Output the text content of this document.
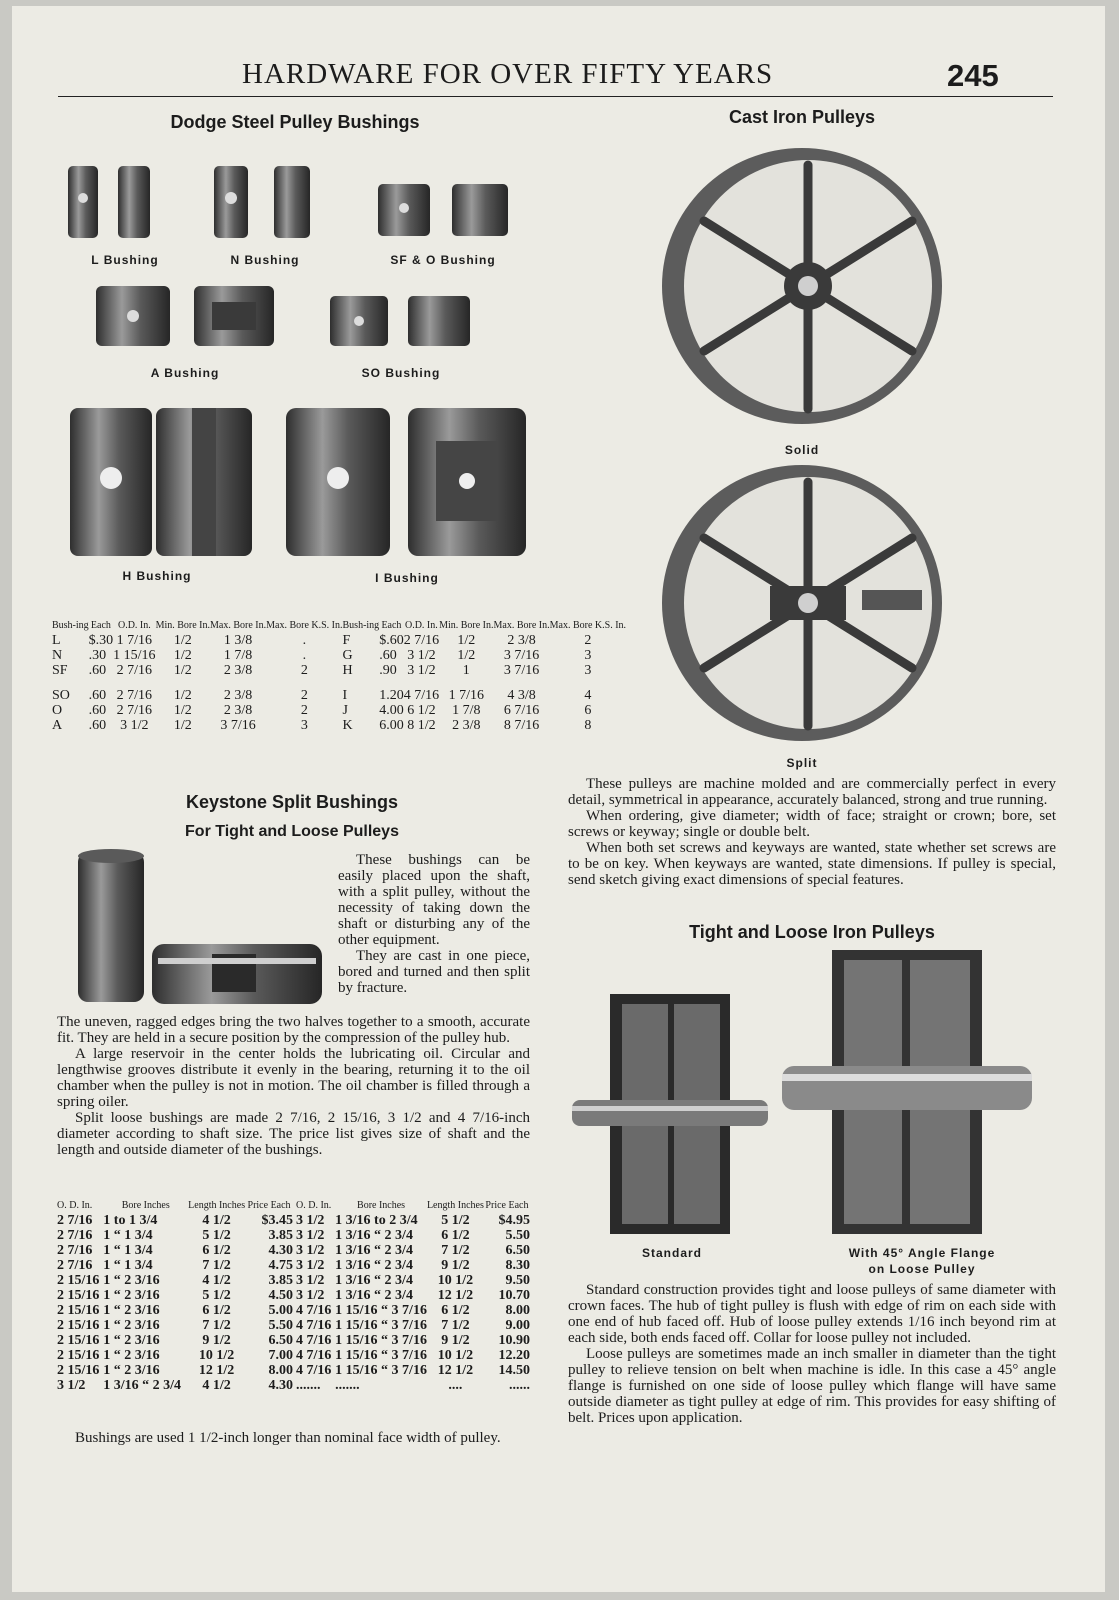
HARDWARE FOR OVER FIFTY YEARS	245
Dodge Steel Pulley Bushings
L Bushing	N Bushing	SF & O Bushing
A Bushing	SO Bushing
H Bushing	I Bushing
Bush-ing	Each	O.D. In.	Min. Bore In.	Max. Bore In.	Max. Bore K.S. In.
L	$.30	1 7/16	1/2	1 3/8	.
N	.30	1 15/16	1/2	1 7/8	.
SF	.60	2 7/16	1/2	2 3/8	2
SO	.60	2 7/16	1/2	2 3/8	2
O	.60	2 7/16	1/2	2 3/8	2
A	.60	3 1/2	1/2	3 7/16	3
Bush-ing	Each	O.D. In.	Min. Bore In.	Max. Bore In.	Max. Bore K.S. In.
F	$.60	2 7/16	1/2	2 3/8	2
G	.60	3 1/2	1/2	3 7/16	3
H	.90	3 1/2	1	3 7/16	3
I	1.20	4 7/16	1 7/16	4 3/8	4
J	4.00	6 1/2	1 7/8	6 7/16	6
K	6.00	8 1/2	2 3/8	8 7/16	8
Keystone Split Bushings
For Tight and Loose Pulleys

These bushings can be easily placed upon the shaft, with a split pulley, without the necessity of taking down the shaft or disturbing any of the other equipment.

They are cast in one piece, bored and turned and then split by fracture.

The uneven, ragged edges bring the two halves together to a smooth, accurate fit. They are held in a secure position by the compression of the pulley hub.

A large reservoir in the center holds the lubricating oil. Circular and lengthwise grooves distribute it evenly in the bearing, returning it to the oil chamber when the pulley is not in motion. The oil chamber is filled through a spring oiler.

Split loose bushings are made 2 7/16, 2 15/16, 3 1/2 and 4 7/16-inch diameter according to shaft size. The price list gives size of shaft and the length and outside diameter of the bushings.

O. D. In.	Bore Inches	Length Inches	Price Each
2 7/16	1 to 1 3/4	4 1/2	$3.45
2 7/16	1 “ 1 3/4	5 1/2	3.85
2 7/16	1 “ 1 3/4	6 1/2	4.30
2 7/16	1 “ 1 3/4	7 1/2	4.75
2 15/16	1 “ 2 3/16	4 1/2	3.85
2 15/16	1 “ 2 3/16	5 1/2	4.50
2 15/16	1 “ 2 3/16	6 1/2	5.00
2 15/16	1 “ 2 3/16	7 1/2	5.50
2 15/16	1 “ 2 3/16	9 1/2	6.50
2 15/16	1 “ 2 3/16	10 1/2	7.00
2 15/16	1 “ 2 3/16	12 1/2	8.00
3 1/2	1 3/16 “ 2 3/4	4 1/2	4.30
O. D. In.	Bore Inches	Length Inches	Price Each
3 1/2	1 3/16 to 2 3/4	5 1/2	$4.95
3 1/2	1 3/16 “ 2 3/4	6 1/2	5.50
3 1/2	1 3/16 “ 2 3/4	7 1/2	6.50
3 1/2	1 3/16 “ 2 3/4	9 1/2	8.30
3 1/2	1 3/16 “ 2 3/4	10 1/2	9.50
3 1/2	1 3/16 “ 2 3/4	12 1/2	10.70
4 7/16	1 15/16 “ 3 7/16	6 1/2	8.00
4 7/16	1 15/16 “ 3 7/16	7 1/2	9.00
4 7/16	1 15/16 “ 3 7/16	9 1/2	10.90
4 7/16	1 15/16 “ 3 7/16	10 1/2	12.20
4 7/16	1 15/16 “ 3 7/16	12 1/2	14.50
.......	.......	....	......

Bushings are used 1 1/2-inch longer than nominal face width of pulley.

Cast Iron Pulleys
Solid
Split

These pulleys are machine molded and are commercially perfect in every detail, symmetrical in appearance, accurately balanced, strong and true running.

When ordering, give diameter; width of face; straight or crown; bore, set screws or keyway; single or double belt.

When both set screws and keyways are wanted, state whether set screws are to be on key. When keyways are wanted, state dimensions. If pulley is special, send sketch giving exact dimensions of special features.

Tight and Loose Iron Pulleys
Standard	With 45° Angle Flange
on Loose Pulley

Standard construction provides tight and loose pulleys of same diameter with crown faces. The hub of tight pulley is flush with edge of rim on each side with one end of hub faced off. Hub of loose pulley extends 1/16 inch beyond rim at each side, both ends faced off. Collar for loose pulley not included.

Loose pulleys are sometimes made an inch smaller in diameter than the tight pulley to relieve tension on belt when machine is idle. In this case a 45° angle flange is furnished on one side of loose pulley which flange will have same outside diameter as tight pulley at edge of rim. This provides for easy shifting of belt. Prices upon application.
